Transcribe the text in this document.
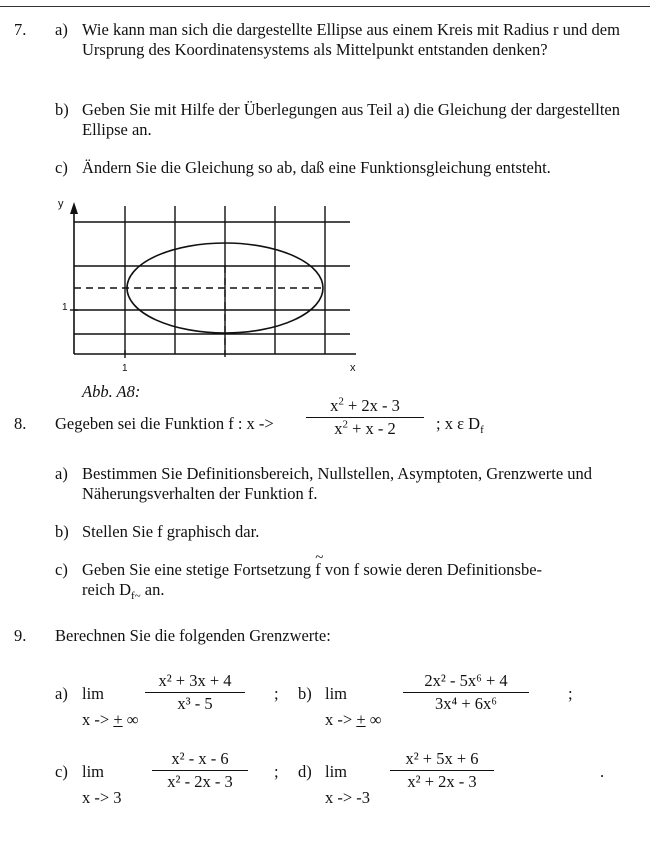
7. a) Wie kann man sich die dargestellte Ellipse aus einem Kreis mit Radius r und dem Ursprung des Koordinatensystems als Mittelpunkt entstanden denken?
b) Geben Sie mit Hilfe der Überlegungen aus Teil a) die Gleichung der dargestellten Ellipse an.
c) Ändern Sie die Gleichung so ab, daß eine Funktionsgleichung entsteht.
y
x
1
1
Abb. A8:
8. Gegeben sei die Funktion f : x ->
$x^2 + 2x - 3$
$x^2 + x - 2$	; x ε $D_f$
a) Bestimmen Sie Definitionsbereich, Nullstellen, Asymptoten, Grenzwerte und Näherungsverhalten der Funktion f.
b) Stellen Sie f graphisch dar.
c) Geben Sie eine stetige Fortsetzung ~ f von f sowie deren Definitionsbe-
reich $D_{f\sim}$ an.
9. Berechnen Sie die folgenden Grenzwerte:
a) lim
x -> + ∞
x² + 3x + 4
x³ - 5
; b) lim
x -> + ∞
2x² - 5x⁶ + 4
3x⁴ + 6x⁶
;
c) lim
x -> 3
x² - x - 6
x² - 2x - 3
; d) lim
x -> -3
x² + 5x + 6
x² + 2x - 3
.
